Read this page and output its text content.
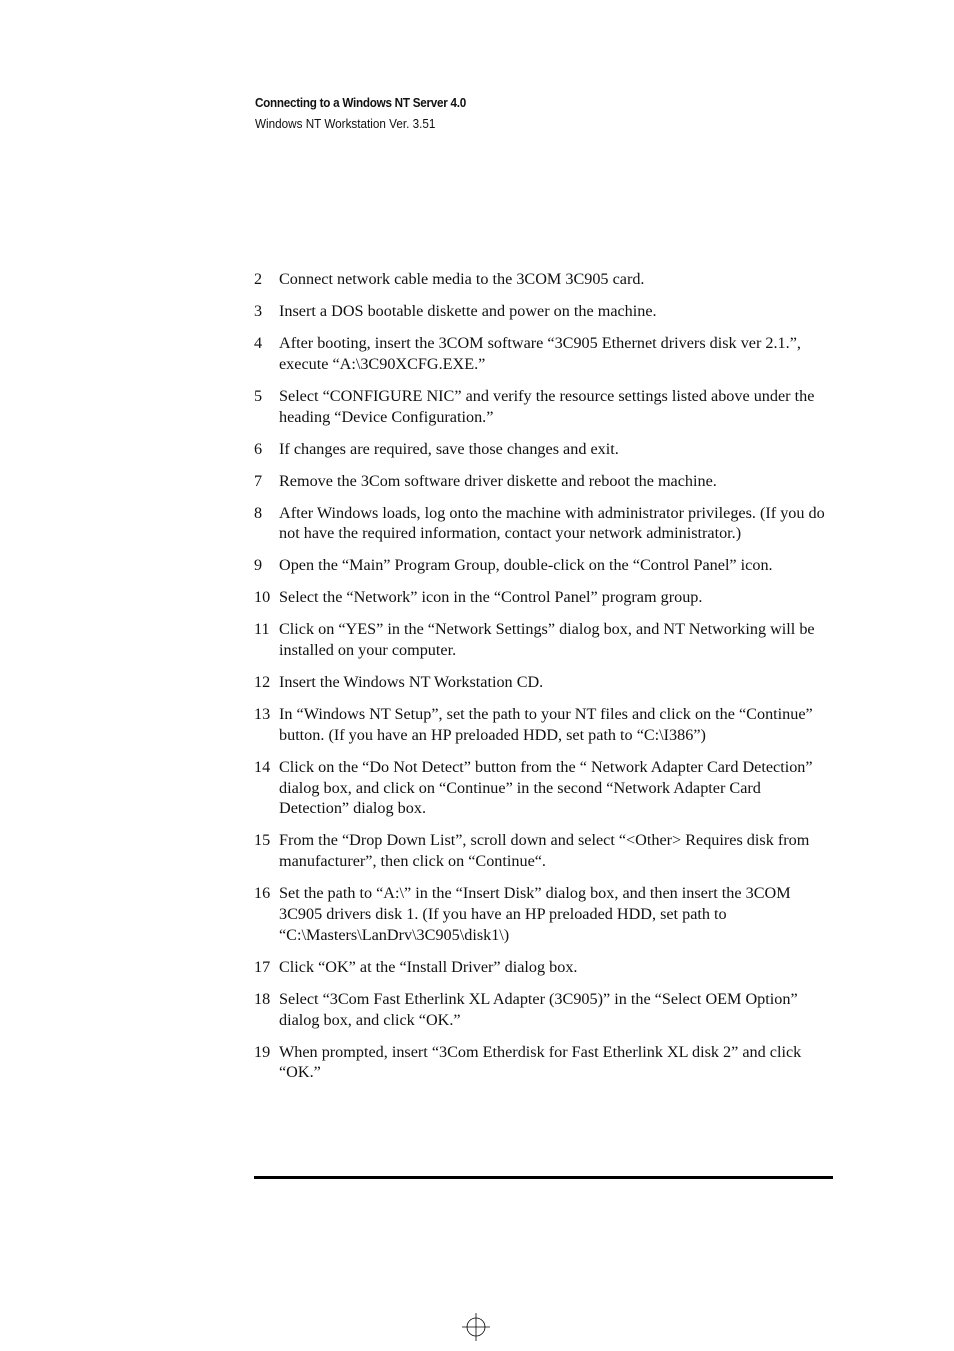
Connecting to a Windows NT Server 4.0
Windows NT Workstation Ver. 3.51
2	Connect network cable media to the 3COM 3C905 card.
3	Insert a DOS bootable diskette and power on the machine.
4	After booting, insert the 3COM software “3C905 Ethernet drivers disk ver 2.1.”, execute “A:\3C90XCFG.EXE.”
5	Select “CONFIGURE NIC” and verify the resource settings listed above under the heading “Device Configuration.”
6	If changes are required, save those changes and exit.
7	Remove the 3Com software driver diskette and reboot the machine.
8	After Windows loads, log onto the machine with administrator privileges. (If you do not have the required information, contact your network administrator.)
9	Open the “Main” Program Group, double-click on the “Control Panel” icon.
10 Select the “Network” icon in the “Control Panel” program group.
11 Click on “YES” in the “Network Settings” dialog box, and NT Networking will be installed on your computer.
12 Insert the Windows NT Workstation CD.
13 In “Windows NT Setup”, set the path to your NT files and click on the “Continue” button. (If you have an HP preloaded HDD, set path to “C:\I386”)
14 Click on the “Do Not Detect” button from the “ Network Adapter Card Detection” dialog box, and click on “Continue” in the second “Network Adapter Card Detection” dialog box.
15 From the “Drop Down List”, scroll down and select “<Other> Requires disk from manufacturer”, then click on “Continue“.
16 Set the path to “A:\” in the “Insert Disk” dialog box, and then insert the 3COM 3C905 drivers disk 1. (If you have an HP preloaded HDD, set path to “C:\Masters\LanDrv\3C905\disk1\)
17 Click “OK” at the “Install Driver” dialog box.
18 Select “3Com Fast Etherlink XL Adapter (3C905)” in the “Select OEM Option” dialog box, and click “OK.”
19 When prompted, insert “3Com Etherdisk for Fast Etherlink XL disk 2” and click “OK.”
